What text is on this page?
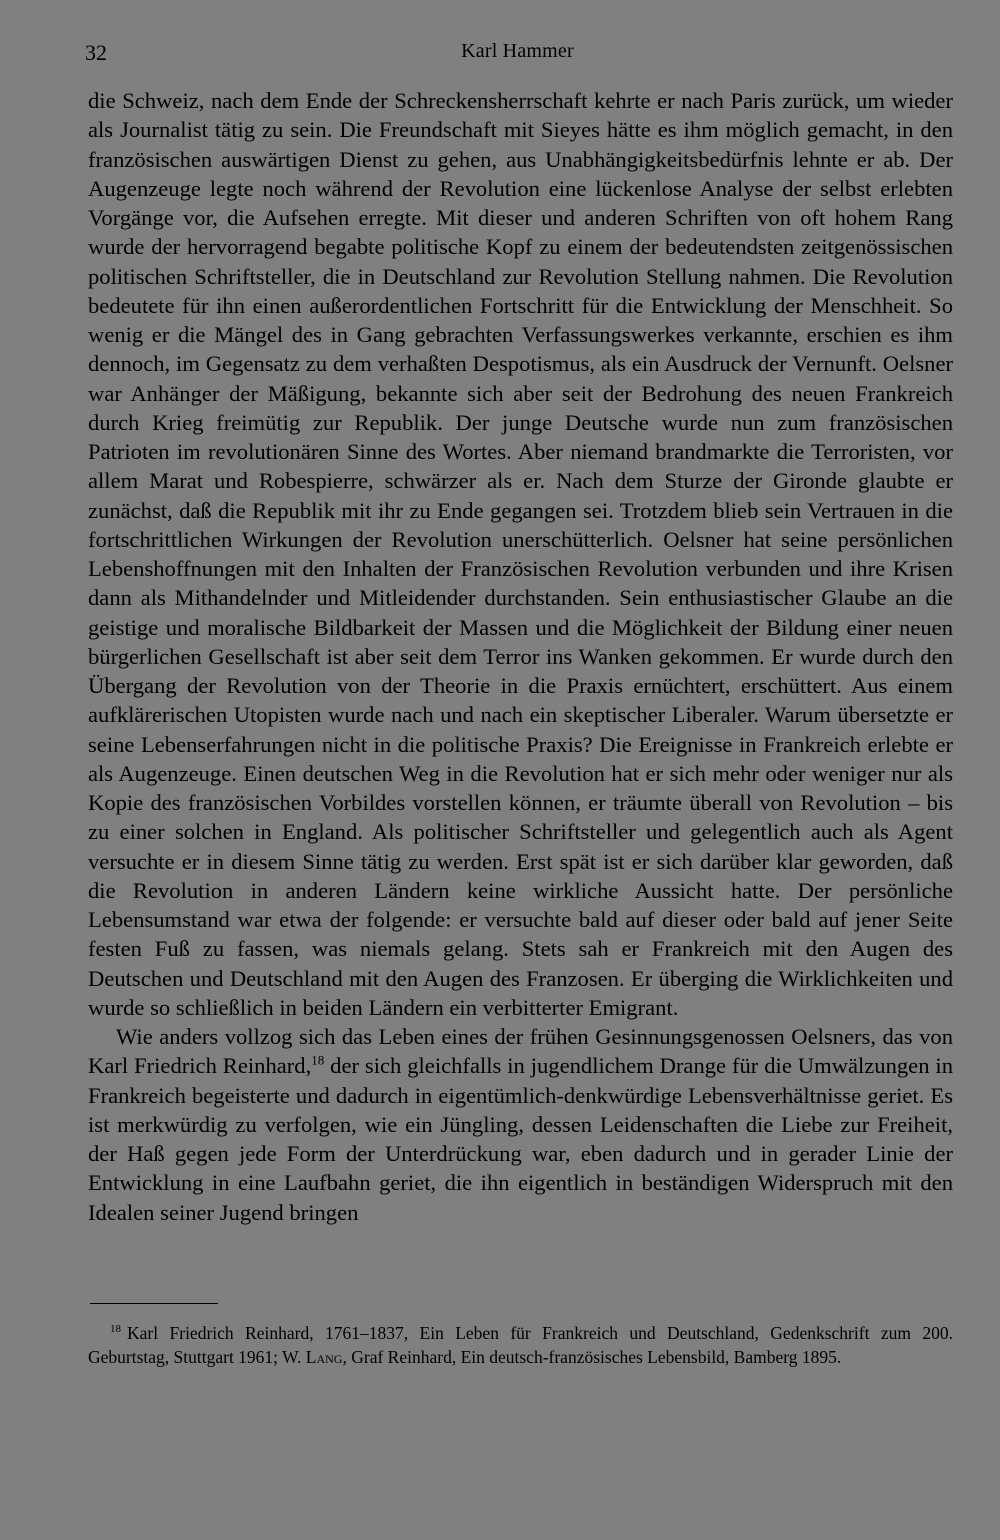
32	Karl Hammer

die Schweiz, nach dem Ende der Schreckensherrschaft kehrte er nach Paris zurück, um wieder als Journalist tätig zu sein. Die Freundschaft mit Sieyes hätte es ihm möglich gemacht, in den französischen auswärtigen Dienst zu gehen, aus Unabhängigkeitsbedürfnis lehnte er ab. Der Augenzeuge legte noch während der Revolution eine lückenlose Analyse der selbst erlebten Vorgänge vor, die Aufsehen erregte. Mit dieser und anderen Schriften von oft hohem Rang wurde der hervorragend begabte politische Kopf zu einem der bedeutendsten zeitgenössischen politischen Schriftsteller, die in Deutschland zur Revolution Stellung nahmen. Die Revolution bedeutete für ihn einen außerordentlichen Fortschritt für die Entwicklung der Menschheit. So wenig er die Mängel des in Gang gebrachten Verfassungswerkes verkannte, erschien es ihm dennoch, im Gegensatz zu dem verhaßten Despotismus, als ein Ausdruck der Vernunft. Oelsner war Anhänger der Mäßigung, bekannte sich aber seit der Bedrohung des neuen Frankreich durch Krieg freimütig zur Republik. Der junge Deutsche wurde nun zum französischen Patrioten im revolutionären Sinne des Wortes. Aber niemand brandmarkte die Terroristen, vor allem Marat und Robespierre, schwärzer als er. Nach dem Sturze der Gironde glaubte er zunächst, daß die Republik mit ihr zu Ende gegangen sei. Trotzdem blieb sein Vertrauen in die fortschrittlichen Wirkungen der Revolution unerschütterlich. Oelsner hat seine persönlichen Lebenshoffnungen mit den Inhalten der Französischen Revolution verbunden und ihre Krisen dann als Mithandelnder und Mitleidender durchstanden. Sein enthusiastischer Glaube an die geistige und moralische Bildbarkeit der Massen und die Möglichkeit der Bildung einer neuen bürgerlichen Gesellschaft ist aber seit dem Terror ins Wanken gekommen. Er wurde durch den Übergang der Revolution von der Theorie in die Praxis ernüchtert, erschüttert. Aus einem aufklärerischen Utopisten wurde nach und nach ein skeptischer Liberaler. Warum übersetzte er seine Lebenserfahrungen nicht in die politische Praxis? Die Ereignisse in Frankreich erlebte er als Augenzeuge. Einen deutschen Weg in die Revolution hat er sich mehr oder weniger nur als Kopie des französischen Vorbildes vorstellen können, er träumte überall von Revolution – bis zu einer solchen in England. Als politischer Schriftsteller und gelegentlich auch als Agent versuchte er in diesem Sinne tätig zu werden. Erst spät ist er sich darüber klar geworden, daß die Revolution in anderen Ländern keine wirkliche Aussicht hatte. Der persönliche Lebensumstand war etwa der folgende: er versuchte bald auf dieser oder bald auf jener Seite festen Fuß zu fassen, was niemals gelang. Stets sah er Frankreich mit den Augen des Deutschen und Deutschland mit den Augen des Franzosen. Er überging die Wirklichkeiten und wurde so schließlich in beiden Ländern ein verbitterter Emigrant.

Wie anders vollzog sich das Leben eines der frühen Gesinnungsgenossen Oelsners, das von Karl Friedrich Reinhard,$^{18}$ der sich gleichfalls in jugendlichem Drange für die Umwälzungen in Frankreich begeisterte und dadurch in eigentümlich-denkwürdige Lebensverhältnisse geriet. Es ist merkwürdig zu verfolgen, wie ein Jüngling, dessen Leidenschaften die Liebe zur Freiheit, der Haß gegen jede Form der Unterdrückung war, eben dadurch und in gerader Linie der Entwicklung in eine Laufbahn geriet, die ihn eigentlich in beständigen Widerspruch mit den Idealen seiner Jugend bringen

$^{18}$ Karl Friedrich Reinhard, 1761–1837, Ein Leben für Frankreich und Deutschland, Gedenkschrift zum 200. Geburtstag, Stuttgart 1961; W. Lang, Graf Reinhard, Ein deutsch-französisches Lebensbild, Bamberg 1895.
